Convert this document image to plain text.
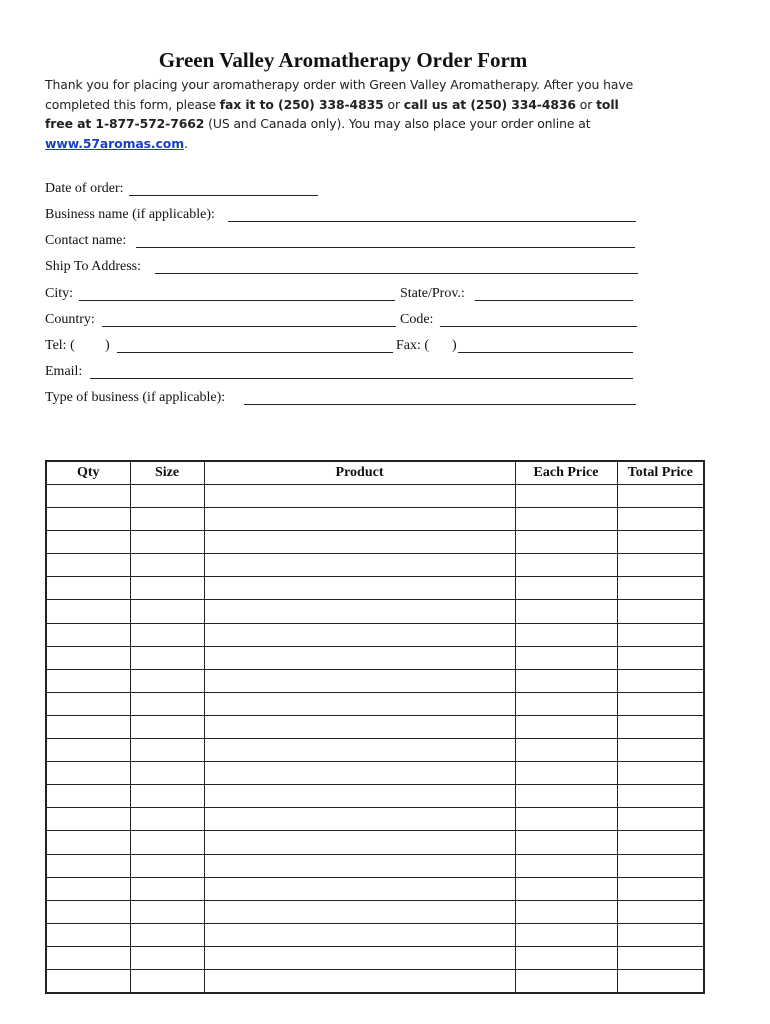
Green Valley Aromatherapy Order Form
Thank you for placing your aromatherapy order with Green Valley Aromatherapy. After you have completed this form, please fax it to (250) 338-4835 or call us at (250) 334-4836 or toll free at 1-877-572-7662 (US and Canada only). You may also place your order online at www.57aromas.com.
Date of order:
Business name (if applicable):
Contact name:
Ship To Address:
City:	State/Prov.:
Country:	Code:
Tel: ( )	Fax: ( )
Email:
Type of business (if applicable):
Qty	Size	Product	Each Price	Total Price
